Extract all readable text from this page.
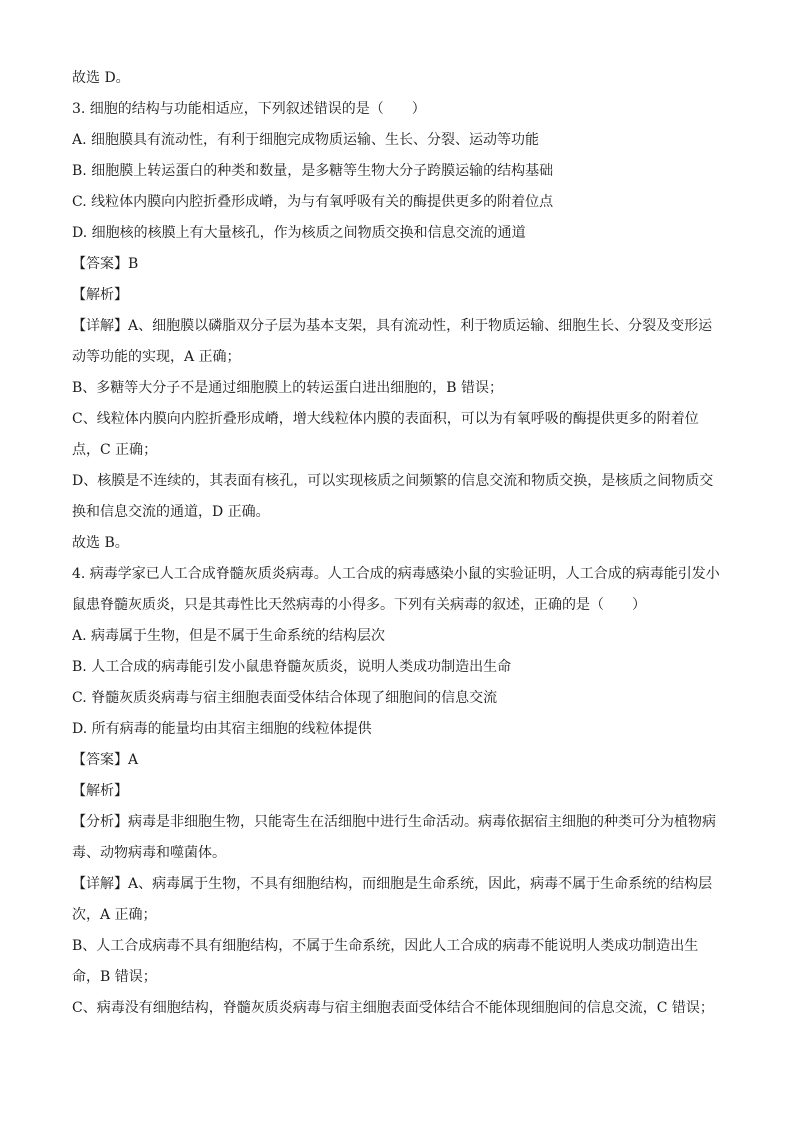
故选 D。
3. 细胞的结构与功能相适应，下列叙述错误的是（　　）
A. 细胞膜具有流动性，有利于细胞完成物质运输、生长、分裂、运动等功能
B. 细胞膜上转运蛋白的种类和数量，是多糖等生物大分子跨膜运输的结构基础
C. 线粒体内膜向内腔折叠形成嵴，为与有氧呼吸有关的酶提供更多的附着位点
D. 细胞核的核膜上有大量核孔，作为核质之间物质交换和信息交流的通道
【答案】B
【解析】
【详解】A、细胞膜以磷脂双分子层为基本支架，具有流动性，利于物质运输、细胞生长、分裂及变形运
动等功能的实现，A 正确；
B、多糖等大分子不是通过细胞膜上的转运蛋白进出细胞的，B 错误；
C、线粒体内膜向内腔折叠形成嵴，增大线粒体内膜的表面积，可以为有氧呼吸的酶提供更多的附着位
点，C 正确；
D、核膜是不连续的，其表面有核孔，可以实现核质之间频繁的信息交流和物质交换，是核质之间物质交
换和信息交流的通道，D 正确。
故选 B。
4. 病毒学家已人工合成脊髓灰质炎病毒。人工合成的病毒感染小鼠的实验证明，人工合成的病毒能引发小
鼠患脊髓灰质炎，只是其毒性比天然病毒的小得多。下列有关病毒的叙述，正确的是（　　）
A. 病毒属于生物，但是不属于生命系统的结构层次
B. 人工合成的病毒能引发小鼠患脊髓灰质炎，说明人类成功制造出生命
C. 脊髓灰质炎病毒与宿主细胞表面受体结合体现了细胞间的信息交流
D. 所有病毒的能量均由其宿主细胞的线粒体提供
【答案】A
【解析】
【分析】病毒是非细胞生物，只能寄生在活细胞中进行生命活动。病毒依据宿主细胞的种类可分为植物病
毒、动物病毒和噬菌体。
【详解】A、病毒属于生物，不具有细胞结构，而细胞是生命系统，因此，病毒不属于生命系统的结构层
次，A 正确；
B、人工合成病毒不具有细胞结构，不属于生命系统，因此人工合成的病毒不能说明人类成功制造出生
命，B 错误；
C、病毒没有细胞结构，脊髓灰质炎病毒与宿主细胞表面受体结合不能体现细胞间的信息交流，C 错误；
